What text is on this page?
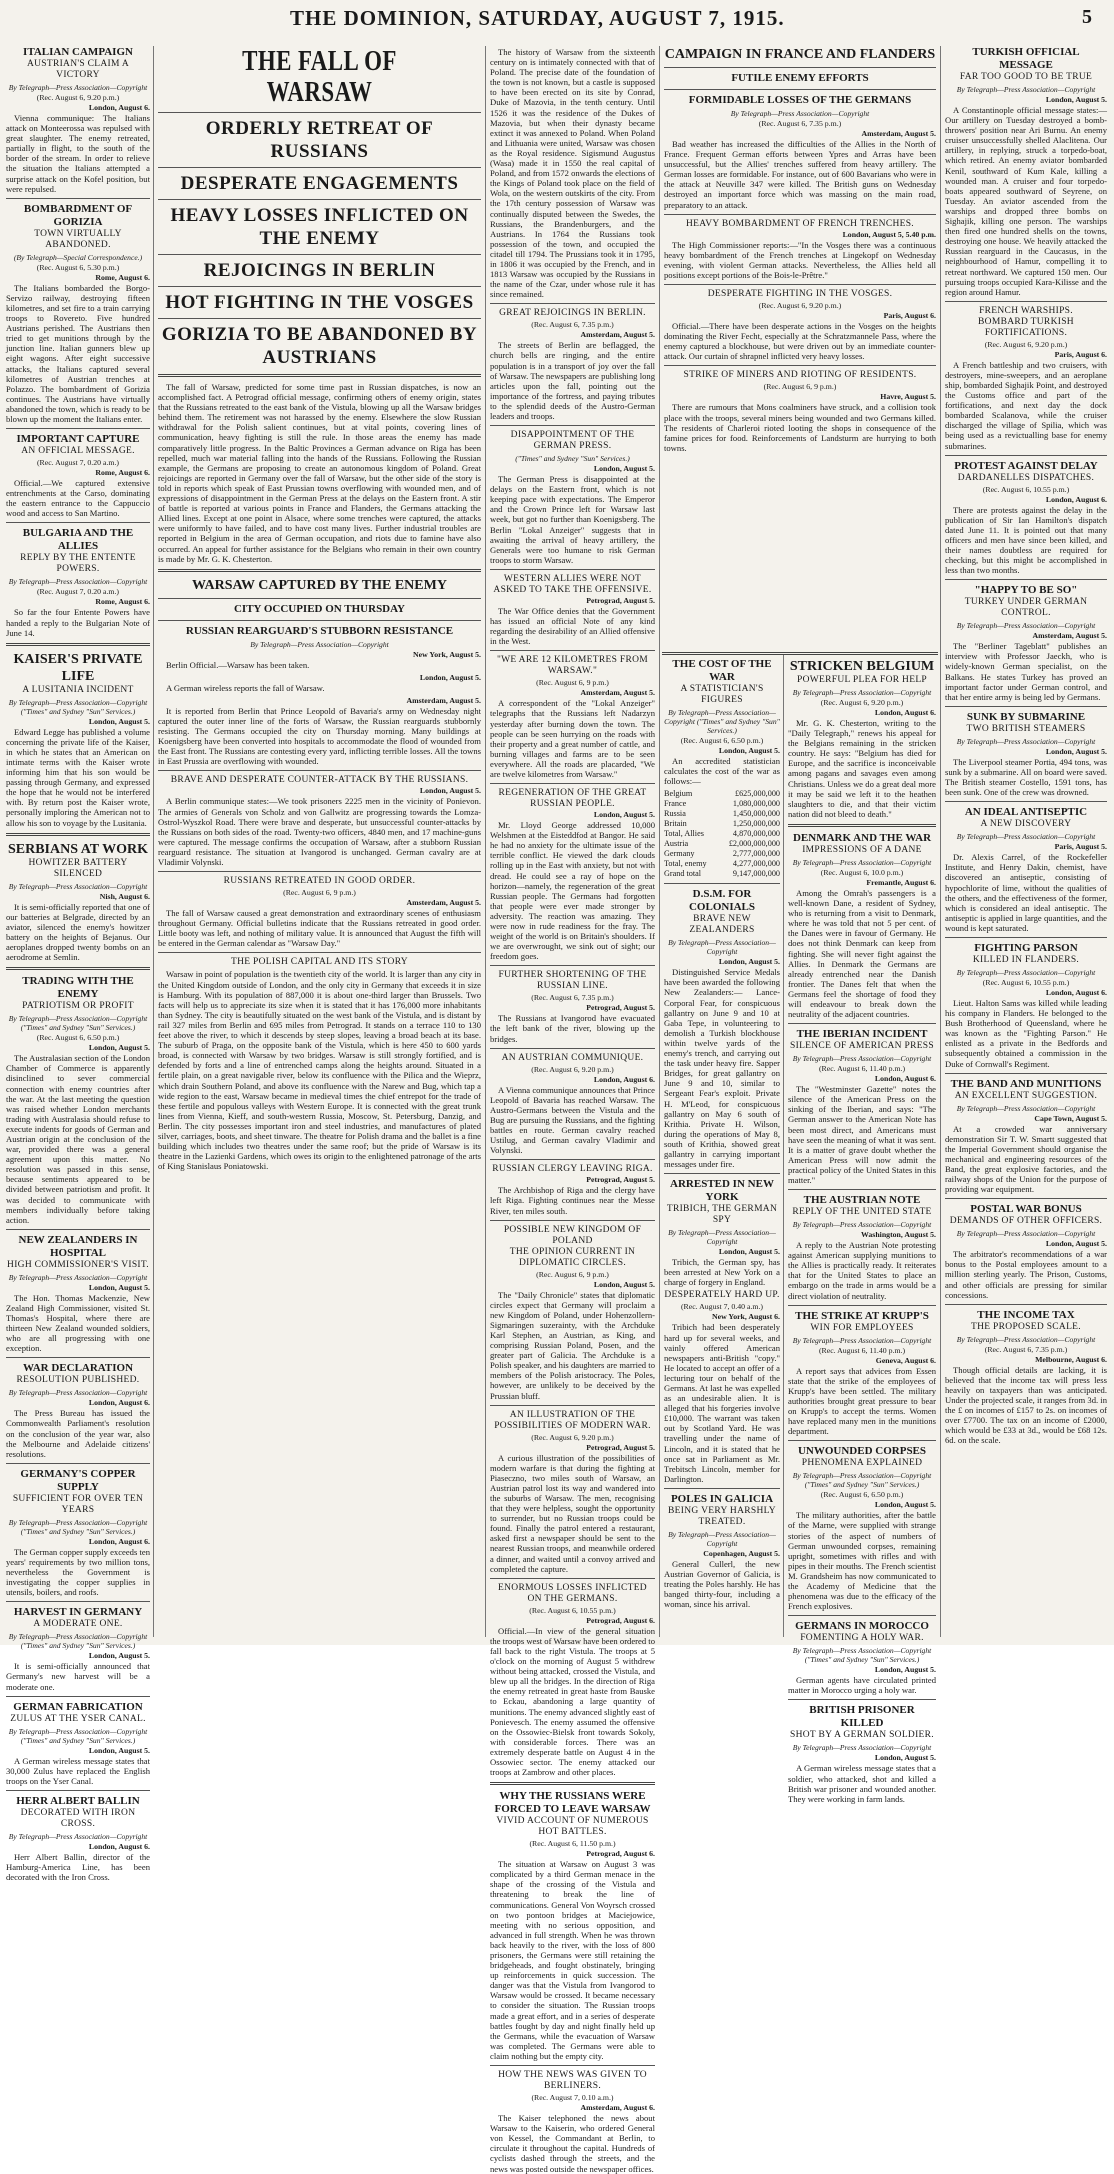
THE DOMINION, SATURDAY, AUGUST 7, 1915.	5
ITALIAN CAMPAIGN
AUSTRIAN'S CLAIM A VICTORY
By Telegraph—Press Association—Copyright
(Rec. August 6, 9.20 p.m.)
London, August 6.

Vienna communique: The Italians attack on Monteerossa was repulsed with great slaughter. The enemy retreated, partially in flight, to the south of the border of the stream. In order to relieve the situation the Italians attempted a surprise attack on the Kofel position, but were repulsed.

BOMBARDMENT OF GORIZIA
TOWN VIRTUALLY ABANDONED.
(By Telegraph—Special Correspondence.)
(Rec. August 6, 5.30 p.m.)
Rome, August 6.

The Italians bombarded the Borgo-Servizo railway, destroying fifteen kilometres, and set fire to a train carrying troops to Rovereto. Five hundred Austrians perished. The Austrians then tried to get munitions through by the junction line. Italian gunners blew up eight wagons. After eight successive attacks, the Italians captured several kilometres of Austrian trenches at Polazzo. The bombardment of Gorizia continues. The Austrians have virtually abandoned the town, which is ready to be blown up the moment the Italians enter.

IMPORTANT CAPTURE
AN OFFICIAL MESSAGE.
(Rec. August 7, 0.20 a.m.)
Rome, August 6.

Official.—We captured extensive entrenchments at the Carso, dominating the eastern entrance to the Cappuccio wood and access to San Martino.

BULGARIA AND THE ALLIES
REPLY BY THE ENTENTE POWERS.
By Telegraph—Press Association—Copyright
(Rec. August 7, 0.20 a.m.)
Rome, August 6.

So far the four Entente Powers have handed a reply to the Bulgarian Note of June 14.

KAISER'S PRIVATE LIFE
A LUSITANIA INCIDENT
By Telegraph—Press Association—Copyright ("Times" and Sydney "Sun" Services.)
London, August 5.

Edward Legge has published a volume concerning the private life of the Kaiser, in which he states that an American on intimate terms with the Kaiser wrote informing him that his son would be passing through Germany, and expressed the hope that he would not be interfered with. By return post the Kaiser wrote, personally imploring the American not to allow his son to voyage by the Lusitania.

SERBIANS AT WORK
HOWITZER BATTERY SILENCED
By Telegraph—Press Association—Copyright
Nish, August 6.

It is semi-officially reported that one of our batteries at Belgrade, directed by an aviator, silenced the enemy's howitzer battery on the heights of Bejanus. Our aeroplanes dropped twenty bombs on an aerodrome at Semlin.

TRADING WITH THE ENEMY
PATRIOTISM OR PROFIT
By Telegraph—Press Association—Copyright ("Times" and Sydney "Sun" Services.)
(Rec. August 6, 6.50 p.m.)
London, August 5.

The Australasian section of the London Chamber of Commerce is apparently disinclined to sever commercial connection with enemy countries after the war. At the last meeting the question was raised whether London merchants trading with Australasia should refuse to execute indents for goods of German and Austrian origin at the conclusion of the war, provided there was a general agreement upon this matter. No resolution was passed in this sense, because sentiments appeared to be divided between patriotism and profit. It was decided to communicate with members individually before taking action.

NEW ZEALANDERS IN HOSPITAL
HIGH COMMISSIONER'S VISIT.
By Telegraph—Press Association—Copyright
London, August 5.

The Hon. Thomas Mackenzie, New Zealand High Commissioner, visited St. Thomas's Hospital, where there are thirteen New Zealand wounded soldiers, who are all progressing with one exception.

WAR DECLARATION
RESOLUTION PUBLISHED.
By Telegraph—Press Association—Copyright
London, August 6.

The Press Bureau has issued the Commonwealth Parliament's resolution on the conclusion of the year war, also the Melbourne and Adelaide citizens' resolutions.

GERMANY'S COPPER SUPPLY
SUFFICIENT FOR OVER TEN YEARS
By Telegraph—Press Association—Copyright ("Times" and Sydney "Sun" Services.)
London, August 6.

The German copper supply exceeds ten years' requirements by two million tons, nevertheless the Government is investigating the copper supplies in utensils, boilers, and roofs.

HARVEST IN GERMANY
A MODERATE ONE.
By Telegraph—Press Association—Copyright ("Times" and Sydney "Sun" Services.)
London, August 5.

It is semi-officially announced that Germany's new harvest will be a moderate one.

GERMAN FABRICATION
ZULUS AT THE YSER CANAL.
By Telegraph—Press Association—Copyright ("Times" and Sydney "Sun" Services.)
London, August 5.

A German wireless message states that 30,000 Zulus have replaced the English troops on the Yser Canal.

HERR ALBERT BALLIN
DECORATED WITH IRON CROSS.
By Telegraph—Press Association—Copyright
London, August 6.

Herr Albert Ballin, director of the Hamburg-America Line, has been decorated with the Iron Cross.

THE FALL OF WARSAW
ORDERLY RETREAT OF RUSSIANS
DESPERATE ENGAGEMENTS
HEAVY LOSSES INFLICTED ON THE ENEMY
REJOICINGS IN BERLIN
HOT FIGHTING IN THE VOSGES
GORIZIA TO BE ABANDONED BY AUSTRIANS

The fall of Warsaw, predicted for some time past in Russian dispatches, is now an accomplished fact. A Petrograd official message, confirming others of enemy origin, states that the Russians retreated to the east bank of the Vistula, blowing up all the Warsaw bridges behind them. The retirement was not harassed by the enemy. Elsewhere the slow Russian withdrawal for the Polish salient continues, but at vital points, covering lines of communication, heavy fighting is still the rule. In those areas the enemy has made comparatively little progress. In the Baltic Provinces a German advance on Riga has been repelled, much war material falling into the hands of the Russians. Following the Russian example, the Germans are proposing to create an autonomous kingdom of Poland. Great rejoicings are reported in Germany over the fall of Warsaw, but the other side of the story is told in reports which speak of East Prussian towns overflowing with wounded men, and of expressions of disappointment in the German Press at the delays on the Eastern front. A stir of battle is reported at various points in France and Flanders, the Germans attacking the Allied lines. Except at one point in Alsace, where some trenches were captured, the attacks were uniformly to have failed, and to have cost many lives. Further industrial troubles are reported in Belgium in the area of German occupation, and riots due to famine have also occurred. An appeal for further assistance for the Belgians who remain in their own country is made by Mr. G. K. Chesterton.

WARSAW CAPTURED BY THE ENEMY
CITY OCCUPIED ON THURSDAY
RUSSIAN REARGUARD'S STUBBORN RESISTANCE
By Telegraph—Press Association—Copyright
New York, August 5.

Berlin Official.—Warsaw has been taken.

London, August 5.

A German wireless reports the fall of Warsaw.

Amsterdam, August 5.

It is reported from Berlin that Prince Leopold of Bavaria's army on Wednesday night captured the outer inner line of the forts of Warsaw, the Russian rearguards stubbornly resisting. The Germans occupied the city on Thursday morning. Many buildings at Koenigsberg have been converted into hospitals to accommodate the flood of wounded from the East front. The Russians are contesting every yard, inflicting terrible losses. All the towns in East Prussia are overflowing with wounded.

BRAVE AND DESPERATE COUNTER-ATTACK BY THE RUSSIANS.
London, August 5.

A Berlin communique states:—We took prisoners 2225 men in the vicinity of Ponievon. The armies of Generals von Scholz and von Gallwitz are progressing towards the Lomza-Ostrol-Wyszkol Road. There were brave and desperate, but unsuccessful counter-attacks by the Russians on both sides of the road. Twenty-two officers, 4840 men, and 17 machine-guns were captured. The message confirms the occupation of Warsaw, after a stubborn Russian rearguard resistance. The situation at Ivangorod is unchanged. German cavalry are at Vladimir Volynski.

RUSSIANS RETREATED IN GOOD ORDER.
(Rec. August 6, 9 p.m.)
Amsterdam, August 5.

The fall of Warsaw caused a great demonstration and extraordinary scenes of enthusiasm throughout Germany. Official bulletins indicate that the Russians retreated in good order. Little booty was left, and nothing of military value. It is announced that August the fifth will be entered in the German calendar as "Warsaw Day."

THE POLISH CAPITAL AND ITS STORY

Warsaw in point of population is the twentieth city of the world. It is larger than any city in the United Kingdom outside of London, and the only city in Germany that exceeds it in size is Hamburg. With its population of 887,000 it is about one-third larger than Brussels. Two facts will help us to appreciate its size when it is stated that it has 176,000 more inhabitants than Sydney. The city is beautifully situated on the west bank of the Vistula, and is distant by rail 327 miles from Berlin and 695 miles from Petrograd. It stands on a terrace 110 to 130 feet above the river, to which it descends by steep slopes, leaving a broad beach at its base. The suburb of Praga, on the opposite bank of the Vistula, which is here 450 to 600 yards broad, is connected with Warsaw by two bridges. Warsaw is still strongly fortified, and is defended by forts and a line of entrenched camps along the heights around. Situated in a fertile plain, on a great navigable river, below its confluence with the Pilica and the Wieprz, which drain Southern Poland, and above its confluence with the Narew and Bug, which tap a wide region to the east, Warsaw became in medieval times the chief entrepot for the trade of these fertile and populous valleys with Western Europe. It is connected with the great trunk lines from Vienna, Kieff, and south-western Russia, Moscow, St. Petersburg, Danzig, and Berlin. The city possesses important iron and steel industries, and manufactures of plated silver, carriages, boots, and sheet tinware. The theatre for Polish drama and the ballet is a fine building which includes two theatres under the same roof; but the pride of Warsaw is its theatre in the Lazienki Gardens, which owes its origin to the enlightened patronage of the arts of King Stanislaus Poniatowski.

The history of Warsaw from the sixteenth century on is intimately connected with that of Poland. The precise date of the foundation of the town is not known, but a castle is supposed to have been erected on its site by Conrad, Duke of Mazovia, in the tenth century. Until 1526 it was the residence of the Dukes of Mazovia, but when their dynasty became extinct it was annexed to Poland. When Poland and Lithuania were united, Warsaw was chosen as the Royal residence. Sigismund Augustus (Wasa) made it in 1550 the real capital of Poland, and from 1572 onwards the elections of the Kings of Poland took place on the field of Wola, on the western outskirts of the city. From the 17th century possession of Warsaw was continually disputed between the Swedes, the Russians, the Brandenburgers, and the Austrians. In 1764 the Russians took possession of the town, and occupied the citadel till 1794. The Prussians took it in 1795, in 1806 it was occupied by the French, and in 1813 Warsaw was occupied by the Russians in the name of the Czar, under whose rule it has since remained.

GREAT REJOICINGS IN BERLIN.
(Rec. August 6, 7.35 p.m.)
Amsterdam, August 5.

The streets of Berlin are beflagged, the church bells are ringing, and the entire population is in a transport of joy over the fall of Warsaw. The newspapers are publishing long articles upon the fall, pointing out the importance of the fortress, and paying tributes to the splendid deeds of the Austro-German leaders and troops.

DISAPPOINTMENT OF THE GERMAN PRESS.
("Times" and Sydney "Sun" Services.)
London, August 5.

The German Press is disappointed at the delays on the Eastern front, which is not keeping pace with expectations. The Emperor and the Crown Prince left for Warsaw last week, but got no further than Koenigsberg. The Berlin "Lokal Anzeiger" suggests that in awaiting the arrival of heavy artillery, the Generals were too humane to risk German troops to storm Warsaw.

WESTERN ALLIES WERE NOT ASKED TO TAKE THE OFFENSIVE.
Petrograd, August 5.

The War Office denies that the Government has issued an official Note of any kind regarding the desirability of an Allied offensive in the West.

"WE ARE 12 KILOMETRES FROM WARSAW."
(Rec. August 6, 9 p.m.)
Amsterdam, August 5.

A correspondent of the "Lokal Anzeiger" telegraphs that the Russians left Nadarzyn yesterday after burning down the town. The people can be seen hurrying on the roads with their property and a great number of cattle, and burning villages and farms are to be seen everywhere. All the roads are placarded, "We are twelve kilometres from Warsaw."

REGENERATION OF THE GREAT RUSSIAN PEOPLE.
London, August 5.

Mr. Lloyd George addressed 10,000 Welshmen at the Eisteddfod at Bangor. He said he had no anxiety for the ultimate issue of the terrible conflict. He viewed the dark clouds rolling up in the East with anxiety, but not with dread. He could see a ray of hope on the horizon—namely, the regeneration of the great Russian people. The Germans had forgotten that people were ever made stronger by adversity. The reaction was amazing. They were now in rude readiness for the fray. The weight of the world is on Britain's shoulders. If we are overwrought, we sink out of sight; our freedom goes.

FURTHER SHORTENING OF THE RUSSIAN LINE.
(Rec. August 6, 7.35 p.m.)
Petrograd, August 5.

The Russians at Ivangorod have evacuated the left bank of the river, blowing up the bridges.

AN AUSTRIAN COMMUNIQUE.
(Rec. August 6, 9.20 p.m.)
London, August 6.

A Vienna communique announces that Prince Leopold of Bavaria has reached Warsaw. The Austro-Germans between the Vistula and the Bug are pursuing the Russians, and the fighting battles en route. German cavalry reached Ustilug, and German cavalry Vladimir and Volynski.

RUSSIAN CLERGY LEAVING RIGA.
Petrograd, August 5.

The Archbishop of Riga and the clergy have left Riga. Fighting continues near the Messe River, ten miles south.

POSSIBLE NEW KINGDOM OF POLAND
THE OPINION CURRENT IN DIPLOMATIC CIRCLES.
(Rec. August 6, 9 p.m.)
London, August 5.

The "Daily Chronicle" states that diplomatic circles expect that Germany will proclaim a new Kingdom of Poland, under Hohenzollern-Sigmaringen suzerainty, with the Archduke Karl Stephen, an Austrian, as King, and comprising Russian Poland, Posen, and the greater part of Galicia. The Archduke is a Polish speaker, and his daughters are married to members of the Polish aristocracy. The Poles, however, are unlikely to be deceived by the Prussian bluff.

AN ILLUSTRATION OF THE POSSIBILITIES OF MODERN WAR.
(Rec. August 6, 9.20 p.m.)
Petrograd, August 5.

A curious illustration of the possibilities of modern warfare is that during the fighting at Piaseczno, two miles south of Warsaw, an Austrian patrol lost its way and wandered into the suburbs of Warsaw. The men, recognising that they were helpless, sought the opportunity to surrender, but no Russian troops could be found. Finally the patrol entered a restaurant, asked first a newspaper should be sent to the nearest Russian troops, and meanwhile ordered a dinner, and waited until a convoy arrived and completed the capture.

ENORMOUS LOSSES INFLICTED ON THE GERMANS.
(Rec. August 6, 10.55 p.m.)
Petrograd, August 6.

Official.—In view of the general situation the troops west of Warsaw have been ordered to fall back to the right Vistula. The troops at 5 o'clock on the morning of August 5 withdrew without being attacked, crossed the Vistula, and blew up all the bridges. In the direction of Riga the enemy retreated in great haste from Bauske to Eckau, abandoning a large quantity of munitions. The enemy advanced slightly east of Ponievesch. The enemy assumed the offensive on the Ossowiec-Bielsk front towards Sokoly, with considerable forces. There was an extremely desperate battle on August 4 in the Ossowiec sector. The enemy attacked our troops at Zambrow and other places.

WHY THE RUSSIANS WERE FORCED TO LEAVE WARSAW
VIVID ACCOUNT OF NUMEROUS HOT BATTLES.
(Rec. August 6, 11.50 p.m.)
Petrograd, August 6.

The situation at Warsaw on August 3 was complicated by a third German menace in the shape of the crossing of the Vistula and threatening to break the line of communications. General Von Woyrsch crossed on two pontoon bridges at Maciejowice, meeting with no serious opposition, and advanced in full strength. When he was thrown back heavily to the river, with the loss of 800 prisoners, the Germans were still retaining the bridgeheads, and fought obstinately, bringing up reinforcements in quick succession. The danger was that the Vistula from Ivangorod to Warsaw would be crossed. It became necessary to consider the situation. The Russian troops made a great effort, and in a series of desperate battles fought by day and night finally held up the Germans, while the evacuation of Warsaw was completed. The Germans were able to claim nothing but the empty city.

HOW THE NEWS WAS GIVEN TO BERLINERS.
(Rec. August 7, 0.10 a.m.)
Amsterdam, August 6.

The Kaiser telephoned the news about Warsaw to the Kaiserin, who ordered General von Kessel, the Commandant at Berlin, to circulate it throughout the capital. Hundreds of cyclists dashed through the streets, and the news was posted outside the newspaper offices.

CAMPAIGN IN FRANCE AND FLANDERS
FUTILE ENEMY EFFORTS
FORMIDABLE LOSSES OF THE GERMANS
By Telegraph—Press Association—Copyright
(Rec. August 6, 7.35 p.m.)
Amsterdam, August 5.

Bad weather has increased the difficulties of the Allies in the North of France. Frequent German efforts between Ypres and Arras have been unsuccessful, but the Allies' trenches suffered from heavy artillery. The German losses are formidable. For instance, out of 600 Bavarians who were in the attack at Neuville 347 were killed. The British guns on Wednesday destroyed an important force which was massing on the main road, preparatory to an attack.

HEAVY BOMBARDMENT OF FRENCH TRENCHES.
London, August 5, 5.40 p.m.

The High Commissioner reports:—"In the Vosges there was a continuous heavy bombardment of the French trenches at Lingekopf on Wednesday evening, with violent German attacks. Nevertheless, the Allies held all positions except portions of the Bois-le-Prêtre."

DESPERATE FIGHTING IN THE VOSGES.
(Rec. August 6, 9.20 p.m.)
Paris, August 6.

Official.—There have been desperate actions in the Vosges on the heights dominating the River Fecht, especially at the Schratzmannele Pass, where the enemy captured a blockhouse, but were driven out by an immediate counter-attack. Our curtain of shrapnel inflicted very heavy losses.

STRIKE OF MINERS AND RIOTING OF RESIDENTS.
(Rec. August 6, 9 p.m.)
Havre, August 5.

There are rumours that Mons coalminers have struck, and a collision took place with the troops, several miners being wounded and two Germans killed. The residents of Charleroi rioted looting the shops in consequence of the famine prices for food. Reinforcements of Landsturm are hurrying to both towns.

THE COST OF THE WAR
A STATISTICIAN'S FIGURES
By Telegraph—Press Association—Copyright ("Times" and Sydney "Sun" Services.)
(Rec. August 6, 6.50 p.m.)
London, August 5.

An accredited statistician calculates the cost of the war as follows:—

Belgium	£625,000,000
France	1,080,000,000
Russia	1,450,000,000
Britain	1,250,000,000
Total, Allies	4,870,000,000
Austria	£2,000,000,000
Germany	2,777,000,000
Total, enemy	4,277,000,000
Grand total	9,147,000,000
D.S.M. FOR COLONIALS
BRAVE NEW ZEALANDERS
By Telegraph—Press Association—Copyright
London, August 5.

Distinguished Service Medals have been awarded the following New Zealanders:— Lance-Corporal Fear, for conspicuous gallantry on June 9 and 10 at Gaba Tepe, in volunteering to demolish a Turkish blockhouse within twelve yards of the enemy's trench, and carrying out the task under heavy fire. Sapper Bridges, for great gallantry on June 9 and 10, similar to Sergeant Fear's exploit. Private H. M'Leod, for conspicuous gallantry on May 6 south of Krithia. Private H. Wilson, during the operations of May 8, south of Krithia, showed great gallantry in carrying important messages under fire.

ARRESTED IN NEW YORK
TRIBICH, THE GERMAN SPY
By Telegraph—Press Association—Copyright
London, August 5.

Tribich, the German spy, has been arrested at New York on a charge of forgery in England.

DESPERATELY HARD UP.
(Rec. August 7, 0.40 a.m.)
New York, August 6.

Tribich had been desperately hard up for several weeks, and vainly offered American newspapers anti-British "copy." He located to accept an offer of a lecturing tour on behalf of the Germans. At last he was expelled as an undesirable alien. It is alleged that his forgeries involve £10,000. The warrant was taken out by Scotland Yard. He was travelling under the name of Lincoln, and it is stated that he once sat in Parliament as Mr. Trebitsch Lincoln, member for Darlington.

POLES IN GALICIA
BEING VERY HARSHLY TREATED.
By Telegraph—Press Association—Copyright
Copenhagen, August 5.

General Cullerl, the new Austrian Governor of Galicia, is treating the Poles harshly. He has banged thirty-four, including a woman, since his arrival.

STRICKEN BELGIUM
POWERFUL PLEA FOR HELP
By Telegraph—Press Association—Copyright
(Rec. August 6, 9.20 p.m.)
London, August 6.

Mr. G. K. Chesterton, writing to the "Daily Telegraph," renews his appeal for the Belgians remaining in the stricken country. He says: "Belgium has died for Europe, and the sacrifice is inconceivable among pagans and savages even among Christians. Unless we do a great deal more it may be said we left it to the heathen slaughters to die, and that their victim nation did not bleed to death."

DENMARK AND THE WAR
IMPRESSIONS OF A DANE
By Telegraph—Press Association—Copyright
(Rec. August 6, 10.0 p.m.)
Fremantle, August 6.

Among the Omrah's passengers is a well-known Dane, a resident of Sydney, who is returning from a visit to Denmark, where he was told that not 5 per cent. of the Danes were in favour of Germany. He does not think Denmark can keep from fighting. She will never fight against the Allies. In Denmark the Germans are already entrenched near the Danish frontier. The Danes felt that when the Germans feel the shortage of food they will endeavour to break down the neutrality of the adjacent countries.

THE IBERIAN INCIDENT
SILENCE OF AMERICAN PRESS
By Telegraph—Press Association—Copyright
(Rec. August 6, 11.40 p.m.)
London, August 6.

The "Westminster Gazette" notes the silence of the American Press on the sinking of the Iberian, and says: "The German answer to the American Note has been most direct, and Americans must have seen the meaning of what it was sent. It is a matter of grave doubt whether the American Press will now admit the practical policy of the United States in this matter."

THE AUSTRIAN NOTE
REPLY OF THE UNITED STATE
By Telegraph—Press Association—Copyright
Washington, August 5.

A reply to the Austrian Note protesting against American supplying munitions to the Allies is practically ready. It reiterates that for the United States to place an embargo on the trade in arms would be a direct violation of neutrality.

THE STRIKE AT KRUPP'S
WIN FOR EMPLOYEES
By Telegraph—Press Association—Copyright
(Rec. August 6, 11.40 p.m.)
Geneva, August 6.

A report says that advices from Essen state that the strike of the employees of Krupp's have been settled. The military authorities brought great pressure to bear on Krupp's to accept the terms. Women have replaced many men in the munitions department.

UNWOUNDED CORPSES
PHENOMENA EXPLAINED
By Telegraph—Press Association—Copyright ("Times" and Sydney "Sun" Services.)
(Rec. August 6, 6.50 p.m.)
London, August 5.

The military authorities, after the battle of the Marne, were supplied with strange stories of the aspect of numbers of German unwounded corpses, remaining upright, sometimes with rifles and with pipes in their mouths. The French scientist M. Grandsheim has now communicated to the Academy of Medicine that the phenomena was due to the efficacy of the French explosives.

GERMANS IN MOROCCO
FOMENTING A HOLY WAR.
By Telegraph—Press Association—Copyright ("Times" and Sydney "Sun" Services.)
London, August 5.

German agents have circulated printed matter in Morocco urging a holy war.

BRITISH PRISONER KILLED
SHOT BY A GERMAN SOLDIER.
By Telegraph—Press Association—Copyright
London, August 5.

A German wireless message states that a soldier, who attacked, shot and killed a British war prisoner and wounded another. They were working in farm lands.

TURKISH OFFICIAL MESSAGE
FAR TOO GOOD TO BE TRUE
By Telegraph—Press Association—Copyright
London, August 5.

A Constantinople official message states:—Our artillery on Tuesday destroyed a bomb-throwers' position near Ari Burnu. An enemy cruiser unsuccessfully shelled Alaclitena. Our artillery, in replying, struck a torpedo-boat, which retired. An enemy aviator bombarded Kenil, southward of Kum Kale, killing a wounded man. A cruiser and four torpedo-boats appeared southward of Seyrene, on Tuesday. An aviator ascended from the warships and dropped three bombs on Sighajik, killing one person. The warships then fired one hundred shells on the towns, destroying one house. We heavily attacked the Russian rearguard in the Caucasus, in the neighbourhood of Hamur, compelling it to retreat northward. We captured 150 men. Our pursuing troops occupied Kara-Kilisse and the region around Hamur.

FRENCH WARSHIPS.
BOMBARD TURKISH FORTIFICATIONS.
(Rec. August 6, 9.20 p.m.)
Paris, August 6.

A French battleship and two cruisers, with destroyers, mine-sweepers, and an aeroplane ship, bombarded Sighajik Point, and destroyed the Customs office and part of the fortifications, and next day the dock bombarded Scalanova, while the cruiser discharged the village of Spilia, which was being used as a revictualling base for enemy submarines.

PROTEST AGAINST DELAY
DARDANELLES DISPATCHES.
(Rec. August 6, 10.55 p.m.)
London, August 6.

There are protests against the delay in the publication of Sir Ian Hamilton's dispatch dated June 11. It is pointed out that many officers and men have since been killed, and their names doubtless are required for checking, but this might be accomplished in less than two months.

"HAPPY TO BE SO"
TURKEY UNDER GERMAN CONTROL.
By Telegraph—Press Association—Copyright
Amsterdam, August 5.

The "Berliner Tageblatt" publishes an interview with Professor Jaeckh, who is widely-known German specialist, on the Balkans. He states Turkey has proved an important factor under German control, and that her entire army is being led by Germans.

SUNK BY SUBMARINE
TWO BRITISH STEAMERS
By Telegraph—Press Association—Copyright
London, August 5.

The Liverpool steamer Portia, 494 tons, was sunk by a submarine. All on board were saved. The British steamer Costello, 1591 tons, has been sunk. One of the crew was drowned.

AN IDEAL ANTISEPTIC
A NEW DISCOVERY
By Telegraph—Press Association—Copyright
Paris, August 5.

Dr. Alexis Carrel, of the Rockefeller Institute, and Henry Dakin, chemist, have discovered an antiseptic, consisting of hypochlorite of lime, without the qualities of the others, and the effectiveness of the former, which is considered an ideal antiseptic. The antiseptic is applied in large quantities, and the wound is kept saturated.

FIGHTING PARSON
KILLED IN FLANDERS.
By Telegraph—Press Association—Copyright
(Rec. August 6, 10.55 p.m.)
London, August 6.

Lieut. Halton Sams was killed while leading his company in Flanders. He belonged to the Bush Brotherhood of Queensland, where he was known as the "Fighting Parson." He enlisted as a private in the Bedfords and subsequently obtained a commission in the Duke of Cornwall's Regiment.

THE BAND AND MUNITIONS
AN EXCELLENT SUGGESTION.
By Telegraph—Press Association—Copyright
Cape Town, August 5.

At a crowded war anniversary demonstration Sir T. W. Smartt suggested that the Imperial Government should organise the mechanical and engineering resources of the Band, the great explosive factories, and the railway shops of the Union for the purpose of providing war equipment.

POSTAL WAR BONUS
DEMANDS OF OTHER OFFICERS.
By Telegraph—Press Association—Copyright
London, August 5.

The arbitrator's recommendations of a war bonus to the Postal employees amount to a million sterling yearly. The Prison, Customs, and other officials are pressing for similar concessions.

THE INCOME TAX
THE PROPOSED SCALE.
By Telegraph—Press Association—Copyright
(Rec. August 6, 7.35 p.m.)
Melbourne, August 6.

Though official details are lacking, it is believed that the income tax will press less heavily on taxpayers than was anticipated. Under the projected scale, it ranges from 3d. in the £ on incomes of £157 to 2s. on incomes of over £7700. The tax on an income of £2000, which would be £33 at 3d., would be £68 12s. 6d. on the scale.
